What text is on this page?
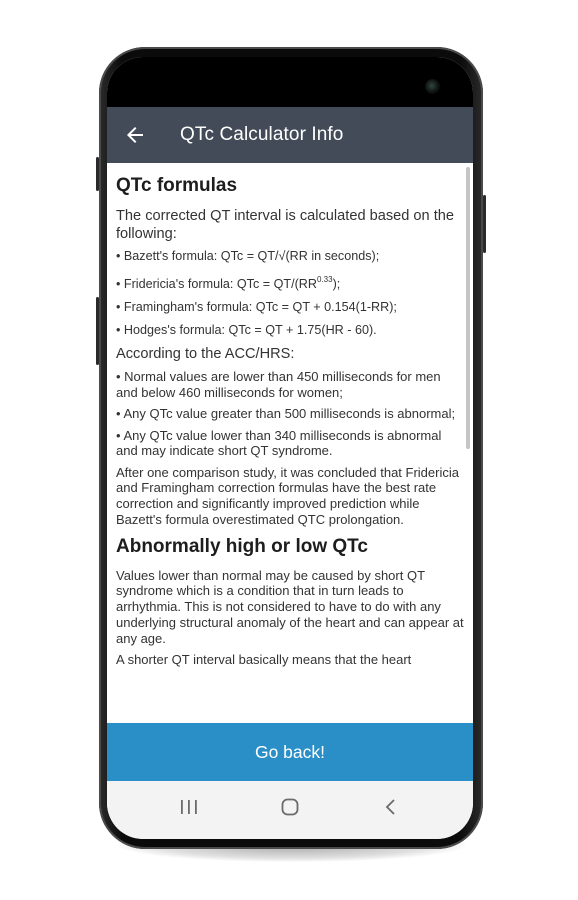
QTc Calculator Info
QTc formulas

The corrected QT interval is calculated based on the following:

• Bazett's formula: QTc = QT/√(RR in seconds);
• Fridericia's formula: QTc = $QT/(RR^{0.33})$;
• Framingham's formula: QTc = QT + 0.154(1-RR);
• Hodges's formula: QTc = QT + 1.75(HR - 60).

According to the ACC/HRS:

• Normal values are lower than 450 milliseconds for men and below 460 milliseconds for women;
• Any QTc value greater than 500 milliseconds is abnormal;
• Any QTc value lower than 340 milliseconds is abnormal and may indicate short QT syndrome.

After one comparison study, it was concluded that Fridericia and Framingham correction formulas have the best rate correction and significantly improved prediction while Bazett's formula overestimated QTC prolongation.

Abnormally high or low QTc

Values lower than normal may be caused by short QT syndrome which is a condition that in turn leads to arrhythmia. This is not considered to have to do with any underlying structural anomaly of the heart and can appear at any age.

A shorter QT interval basically means that the heart

Go back!
